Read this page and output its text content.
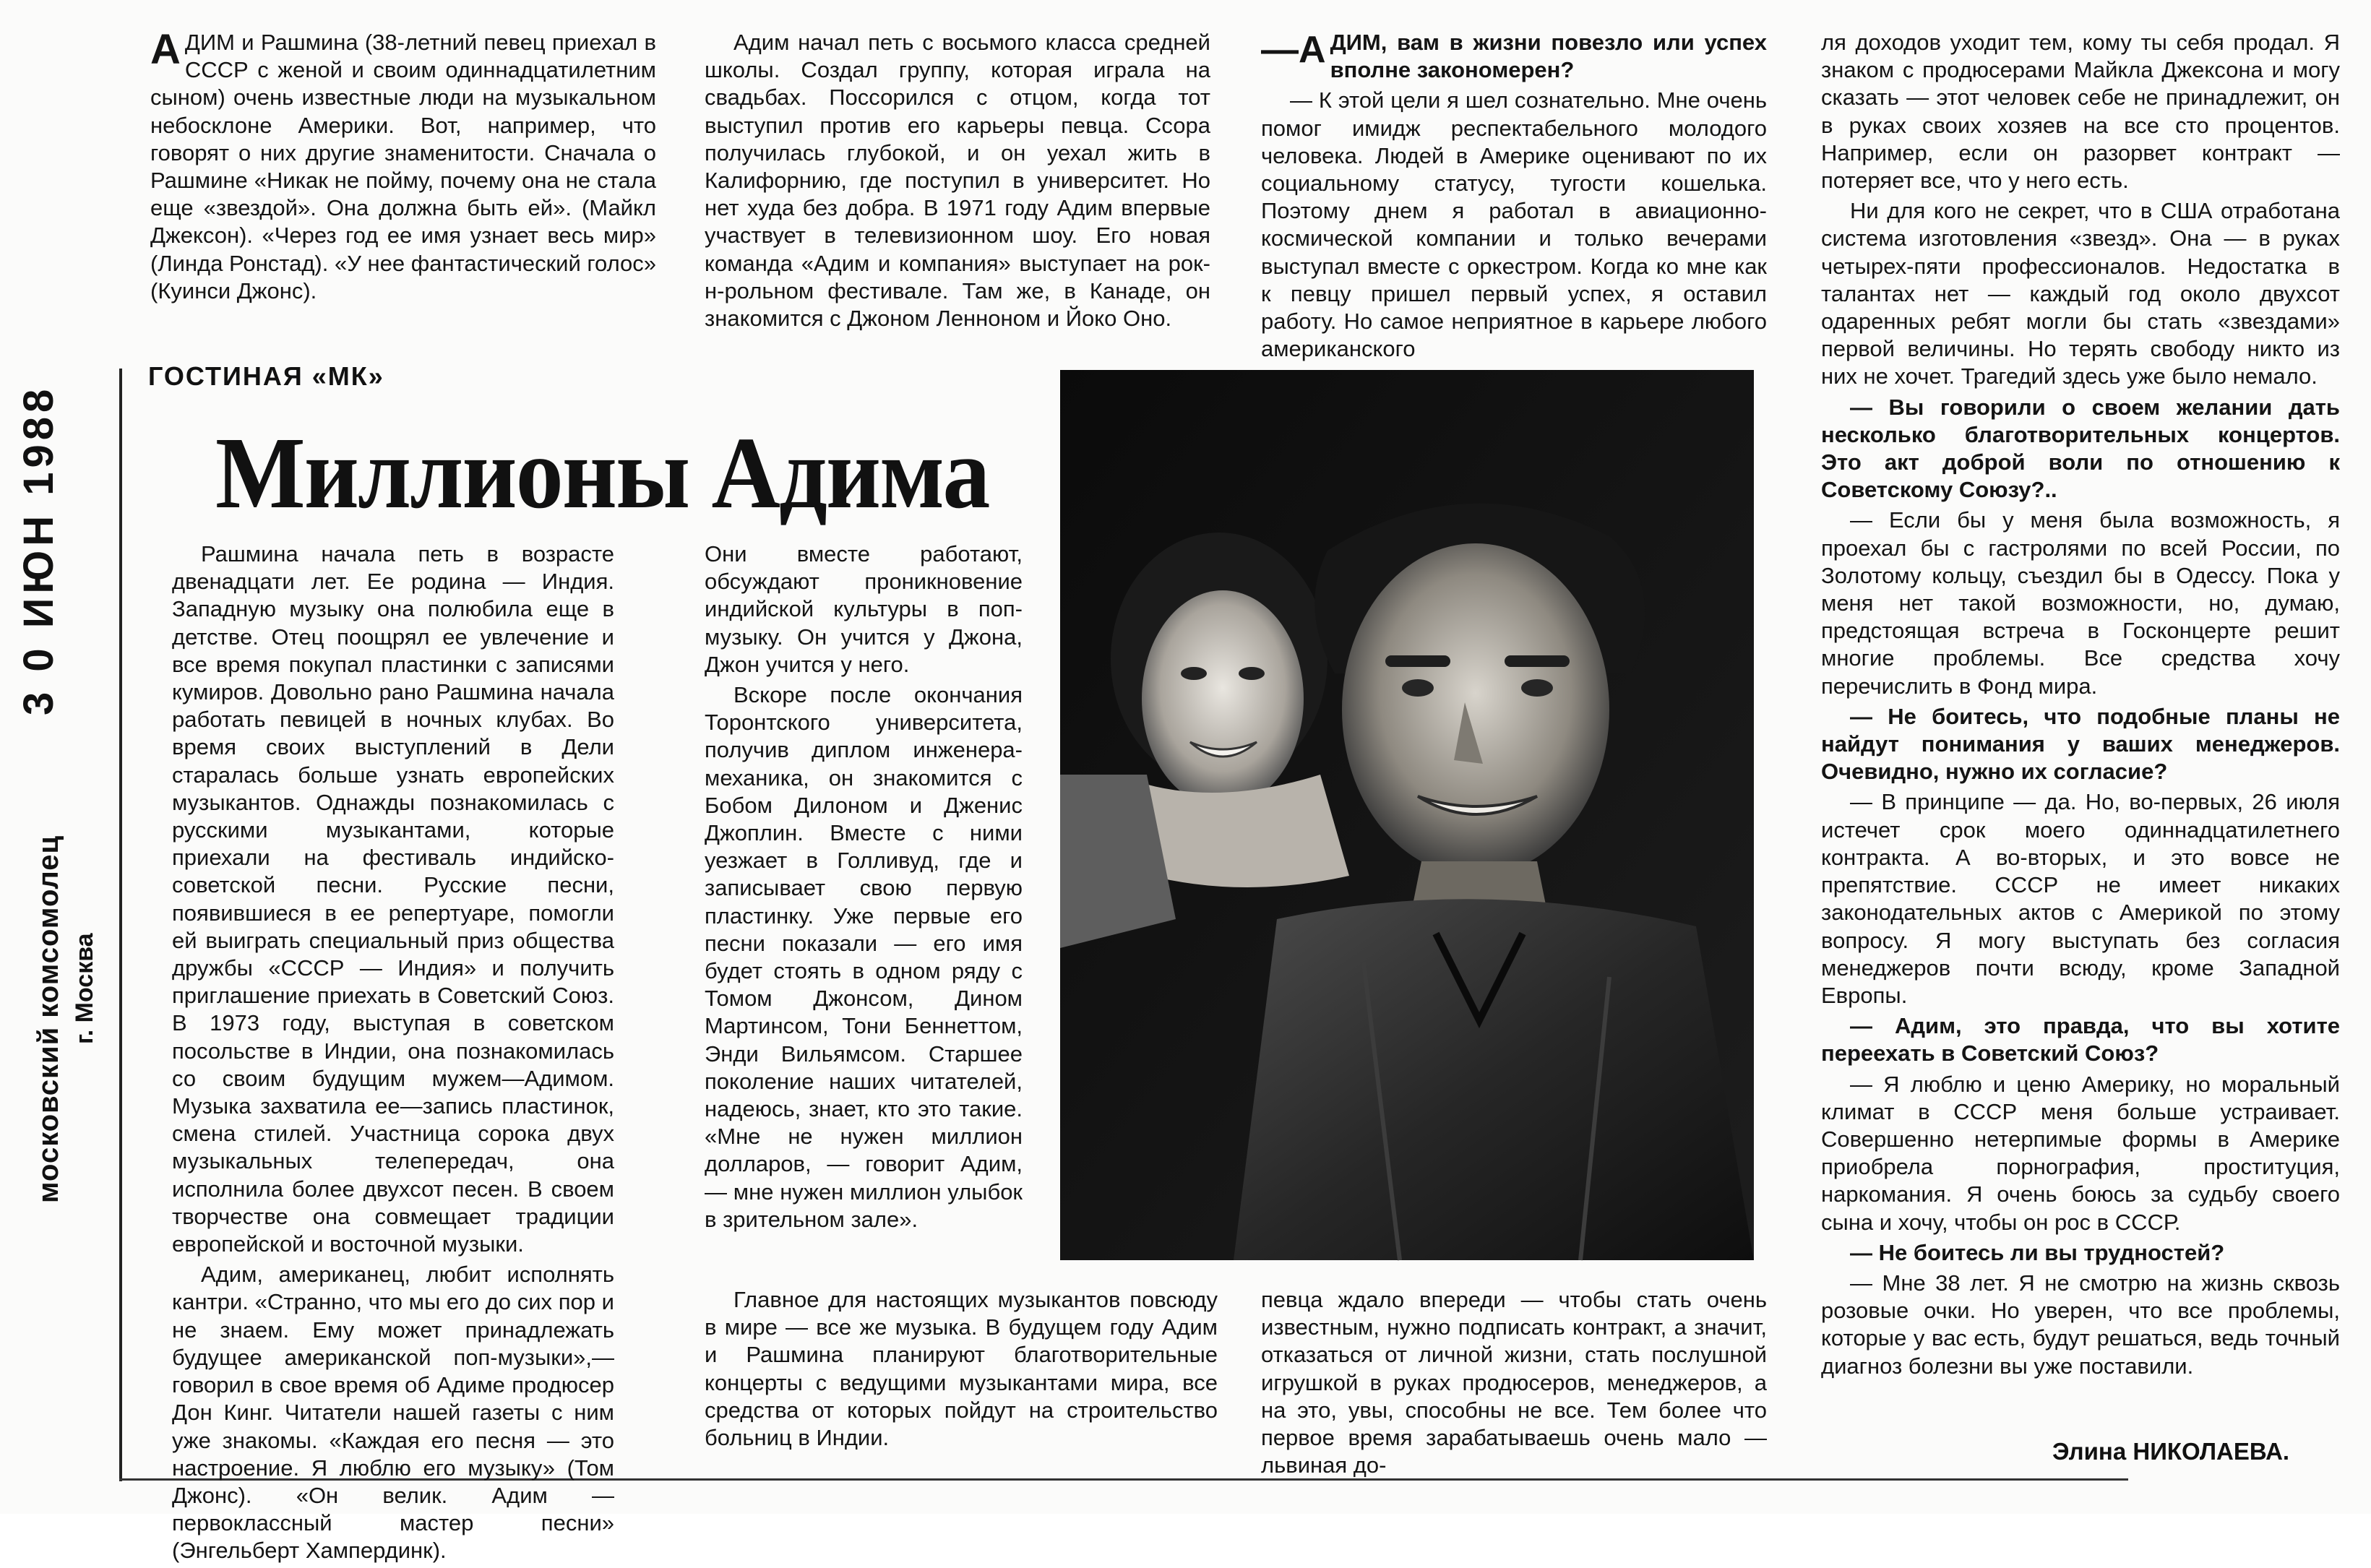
3 0 ИЮН 1988
московский комсомолец г. Москва

АДИМ и Рашмина (38-летний певец приехал в СССР с женой и своим одиннадцатилетним сыном) очень известные люди на музыкальном небосклоне Америки. Вот, например, что говорят о них другие знаменитости. Сначала о Рашмине «Никак не пойму, почему она не стала еще «звездой». Она должна быть ей». (Майкл Джексон). «Через год ее имя узнает весь мир» (Линда Ронстад). «У нее фантастический голос» (Куинси Джонс).

Адим начал петь с восьмого класса средней школы. Создал группу, которая играла на свадьбах. Поссорился с отцом, когда тот выступил против его карьеры певца. Ссора получилась глубокой, и он уехал жить в Калифорнию, где поступил в университет. Но нет худа без добра. В 1971 году Адим впервые участвует в телевизионном шоу. Его новая команда «Адим и компания» выступает на рок-н-рольном фестивале. Там же, в Канаде, он знакомится с Джоном Ленноном и Йоко Оно.

—А ДИМ, вам в жизни повезло или успех вполне закономерен?

— К этой цели я шел сознательно. Мне очень помог имидж респектабельного молодого человека. Людей в Америке оценивают по их социальному статусу, тугости кошелька. Поэтому днем я работал в авиационно-космической компании и только вечерами выступал вместе с оркестром. Когда ко мне как к певцу пришел первый успех, я оставил работу. Но самое неприятное в карьере любого американского

ля доходов уходит тем, кому ты себя продал. Я знаком с продюсерами Майкла Джексона и могу сказать — этот человек себе не принадлежит, он в руках своих хозяев на все сто процентов. Например, если он разорвет контракт — потеряет все, что у него есть.

Ни для кого не секрет, что в США отработана система изготовления «звезд». Она — в руках четырех-пяти профессионалов. Недостатка в талантах нет — каждый год около двухсот одаренных ребят могли бы стать «звездами» первой величины. Но терять свободу никто из них не хочет. Трагедий здесь уже было немало.

— Вы говорили о своем желании дать несколько благотворительных концертов. Это акт доброй воли по отношению к Советскому Союзу?..

— Если бы у меня была возможность, я проехал бы с гастролями по всей России, по Золотому кольцу, съездил бы в Одессу. Пока у меня нет такой возможности, но, думаю, предстоящая встреча в Госконцерте решит многие проблемы. Все средства хочу перечислить в Фонд мира.

— Не боитесь, что подобные планы не найдут понимания у ваших менеджеров. Очевидно, нужно их согласие?

— В принципе — да. Но, во-первых, 26 июля истечет срок моего одиннадцатилетнего контракта. А во-вторых, и это вовсе не препятствие. СССР не имеет никаких законодательных актов с Америкой по этому вопросу. Я могу выступать без согласия менеджеров почти всюду, кроме Западной Европы.

— Адим, это правда, что вы хотите переехать в Советский Союз?

— Я люблю и ценю Америку, но моральный климат в СССР меня больше устраивает. Совершенно нетерпимые формы в Америке приобрела порнография, проституция, наркомания. Я очень боюсь за судьбу своего сына и хочу, чтобы он рос в СССР.

— Не боитесь ли вы трудностей?

— Мне 38 лет. Я не смотрю на жизнь сквозь розовые очки. Но уверен, что все проблемы, которые у вас есть, будут решаться, ведь точный диагноз болезни вы уже поставили.

ГОСТИНАЯ «МК»
Миллионы Адима

Рашмина начала петь в возрасте двенадцати лет. Ее родина — Индия. Западную музыку она полюбила еще в детстве. Отец поощрял ее увлечение и все время покупал пластинки с записями кумиров. Довольно рано Рашмина начала работать певицей в ночных клубах. Во время своих выступлений в Дели старалась больше узнать европейских музыкантов. Однажды познакомилась с русскими музыкантами, которые приехали на фестиваль индийско-советской песни. Русские песни, появившиеся в ее репертуаре, помогли ей выиграть специальный приз общества дружбы «СССР — Индия» и получить приглашение приехать в Советский Союз. В 1973 году, выступая в советском посольстве в Индии, она познакомилась со своим будущим мужем—Адимом. Музыка захватила ее—запись пластинок, смена стилей. Участница сорока двух музыкальных телепередач, она исполнила более двухсот песен. В своем творчестве она совмещает традиции европейской и восточной музыки.

Адим, американец, любит исполнять кантри. «Странно, что мы его до сих пор и не знаем. Ему может принадлежать будущее американской поп-музыки»,— говорил в свое время об Адиме продюсер Дон Кинг. Читатели нашей газеты с ним уже знакомы. «Каждая его песня — это настроение. Я люблю его музыку» (Том Джонс). «Он велик. Адим — первоклассный мастер песни» (Энгельберт Хампердинк).

Они вместе работают, обсуждают проникновение индийской культуры в поп-музыку. Он учится у Джона, Джон учится у него.

Вскоре после окончания Торонтского университета, получив диплом инженера-механика, он знакомится с Бобом Дилоном и Дженис Джоплин. Вместе с ними уезжает в Голливуд, где и записывает свою первую пластинку. Уже первые его песни показали — его имя будет стоять в одном ряду с Томом Джонсом, Дином Мартинсом, Тони Беннеттом, Энди Вильямсом. Старшее поколение наших читателей, надеюсь, знает, кто это такие. «Мне не нужен миллион долларов, — говорит Адим, — мне нужен миллион улыбок в зрительном зале».

Главное для настоящих музыкантов повсюду в мире — все же музыка. В будущем году Адим и Рашмина планируют благотворительные концерты с ведущими музыкантами мира, все средства от которых пойдут на строительство больниц в Индии.

певца ждало впереди — чтобы стать очень известным, нужно подписать контракт, а значит, отказаться от личной жизни, стать послушной игрушкой в руках продюсеров, менеджеров, а на это, увы, способны не все. Тем более что первое время зарабатываешь очень мало — львиная до-

Элина НИКОЛАЕВА.
